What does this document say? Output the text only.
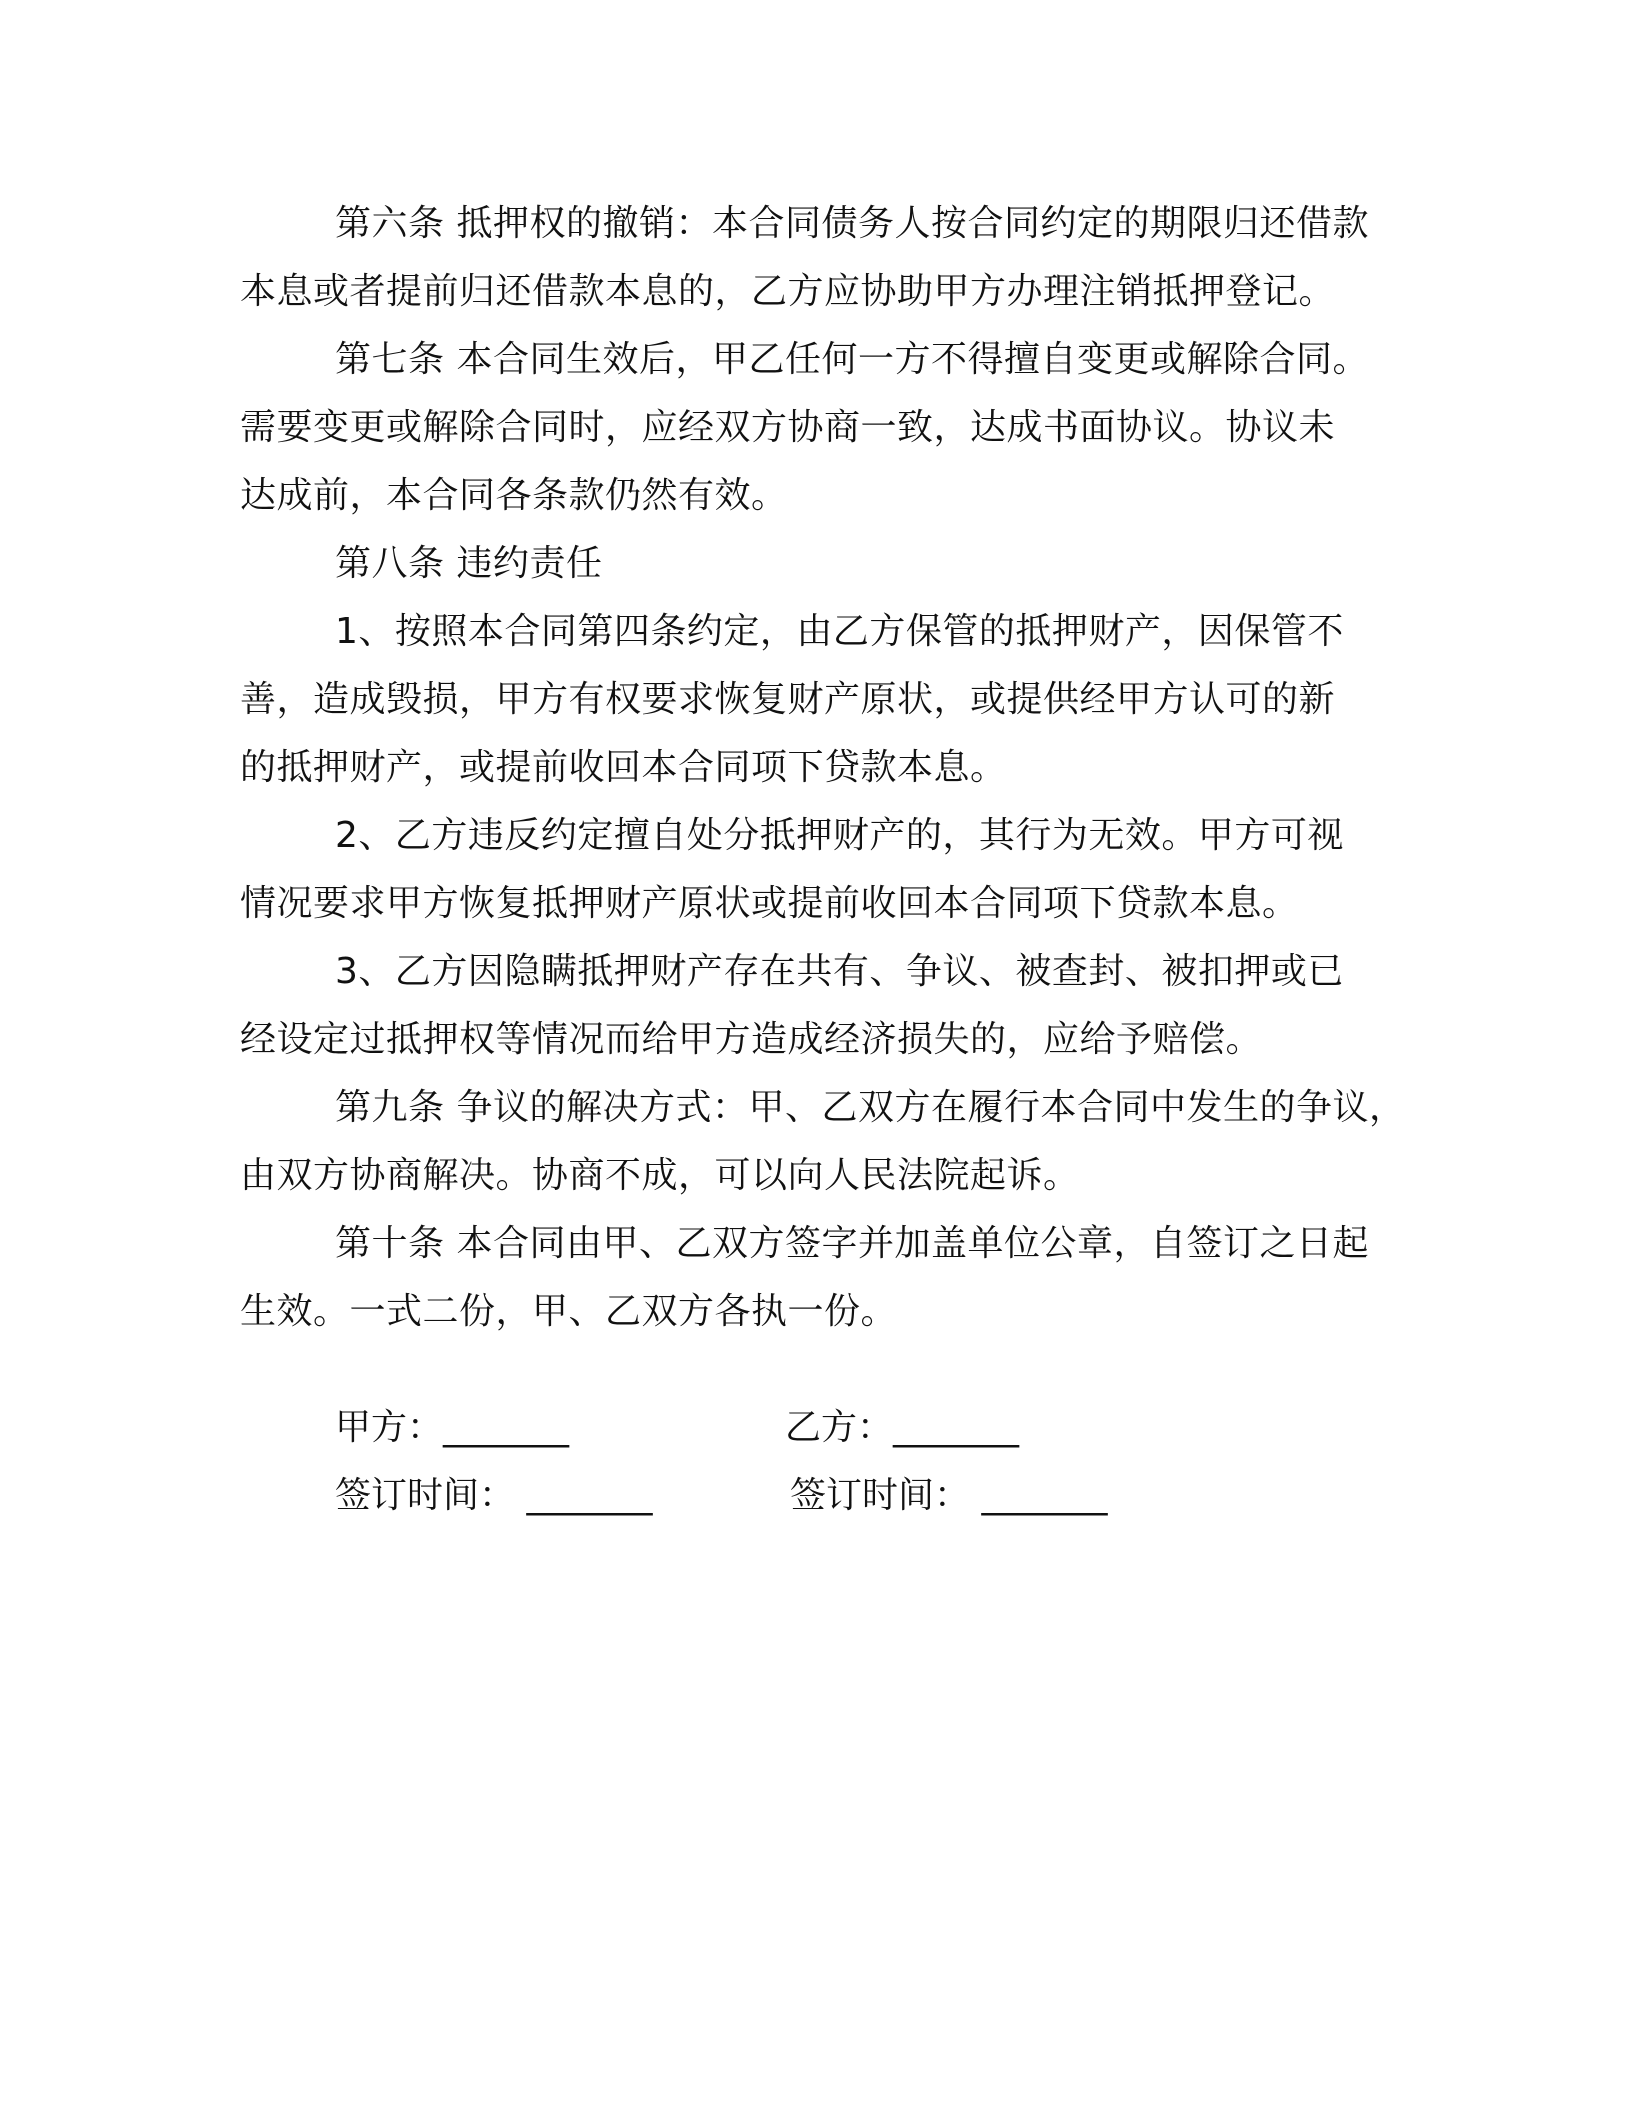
第六条 抵押权的撤销：本合同债务人按合同约定的期限归还借款
本息或者提前归还借款本息的，乙方应协助甲方办理注销抵押登记。
第七条 本合同生效后，甲乙任何一方不得擅自变更或解除合同。
需要变更或解除合同时，应经双方协商一致，达成书面协议。协议未
达成前，本合同各条款仍然有效。
第八条 违约责任
1、按照本合同第四条约定，由乙方保管的抵押财产，因保管不
善，造成毁损，甲方有权要求恢复财产原状，或提供经甲方认可的新
的抵押财产，或提前收回本合同项下贷款本息。
2、乙方违反约定擅自处分抵押财产的，其行为无效。甲方可视
情况要求甲方恢复抵押财产原状或提前收回本合同项下贷款本息。
3、乙方因隐瞒抵押财产存在共有、争议、被查封、被扣押或已
经设定过抵押权等情况而给甲方造成经济损失的，应给予赔偿。
第九条 争议的解决方式：甲、乙双方在履行本合同中发生的争议，
由双方协商解决。协商不成，可以向人民法院起诉。
第十条 本合同由甲、乙双方签字并加盖单位公章，自签订之日起
生效。一式二份，甲、乙双方各执一份。
甲方：_______	乙方：_______
签订时间： _______	签订时间： _______
